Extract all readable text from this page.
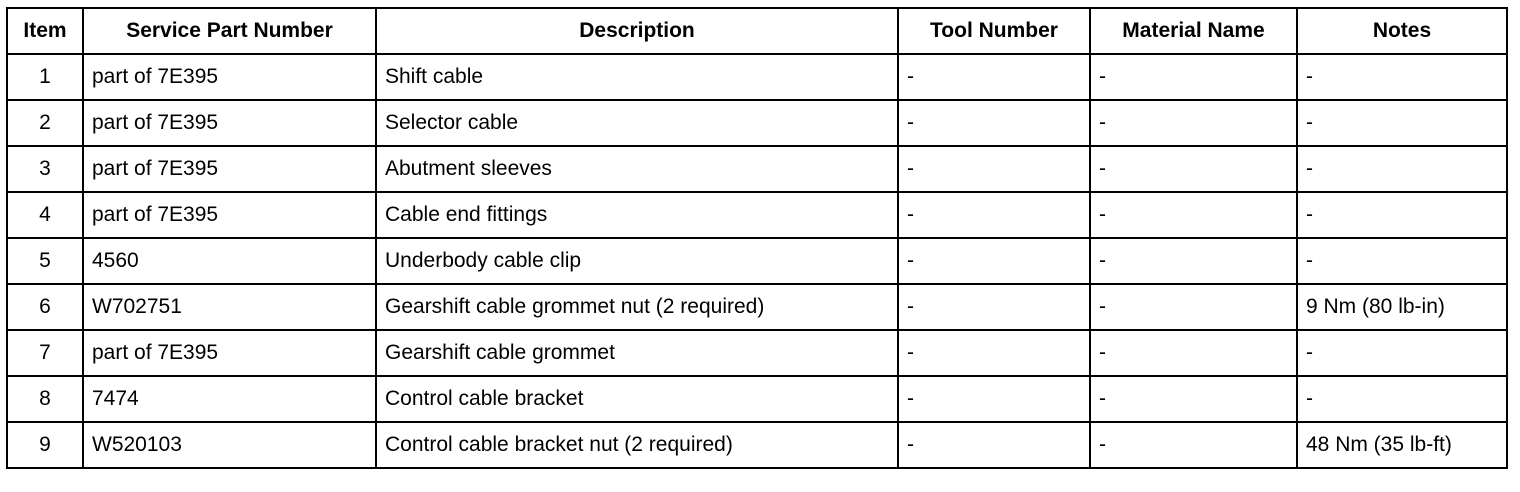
Item	Service Part Number	Description	Tool Number	Material Name	Notes
1	part of 7E395	Shift cable	-	-	-
2	part of 7E395	Selector cable	-	-	-
3	part of 7E395	Abutment sleeves	-	-	-
4	part of 7E395	Cable end fittings	-	-	-
5	4560	Underbody cable clip	-	-	-
6	W702751	Gearshift cable grommet nut (2 required)	-	-	9 Nm (80 lb-in)
7	part of 7E395	Gearshift cable grommet	-	-	-
8	7474	Control cable bracket	-	-	-
9	W520103	Control cable bracket nut (2 required)	-	-	48 Nm (35 lb-ft)
